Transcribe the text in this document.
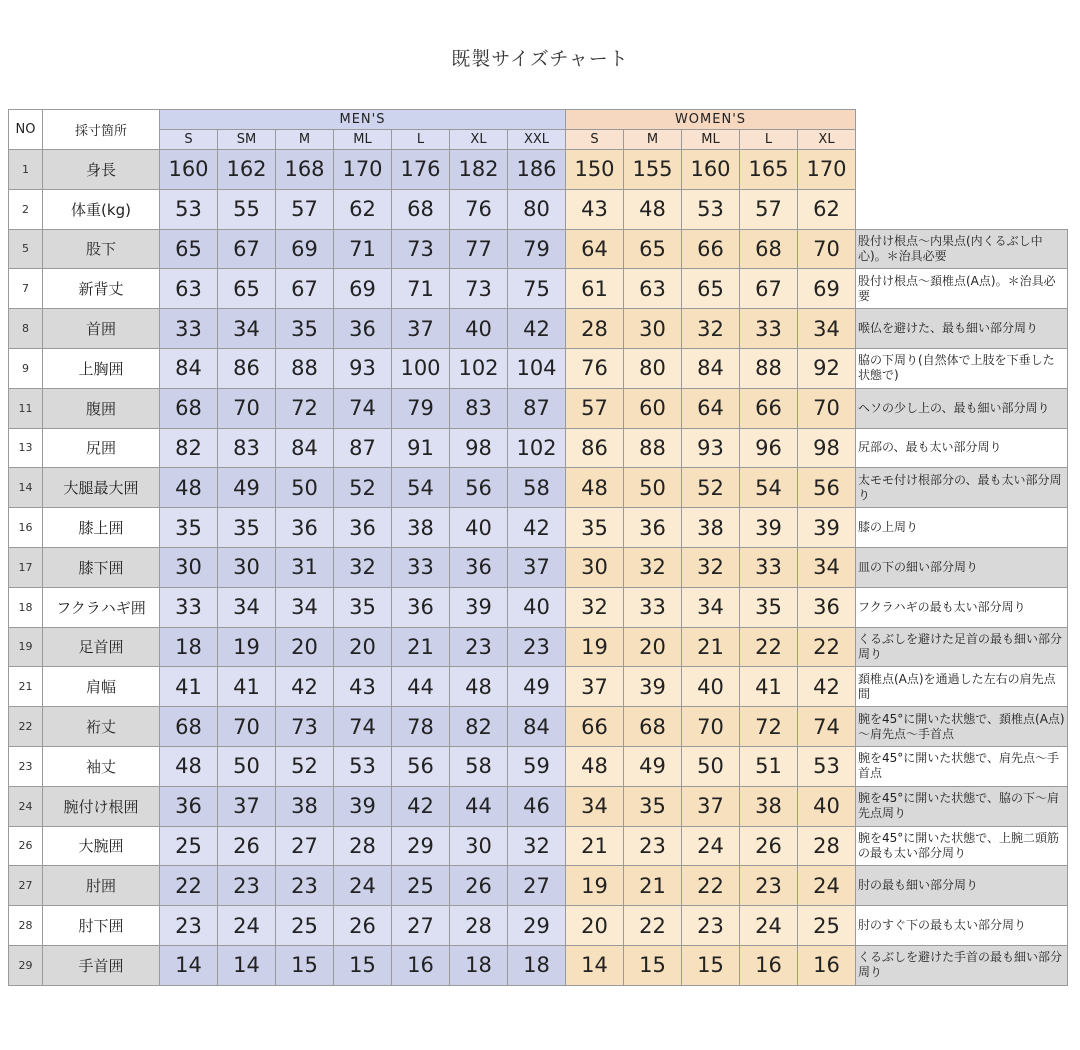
既製サイズチャート
NO	採寸箇所	MEN'S							WOMEN'S					
		S	SM	M	ML	L	XL	XXL	S	M	ML	L	XL	
1	身長	160	162	168	170	176	182	186	150	155	160	165	170	
2	体重(kg)	53	55	57	62	68	76	80	43	48	53	57	62	
5	股下	65	67	69	71	73	77	79	64	65	66	68	70	股付け根点～内果点(内くるぶし中心)。＊治具必要
7	新背丈	63	65	67	69	71	73	75	61	63	65	67	69	股付け根点～頚椎点(A点)。＊治具必要
8	首囲	33	34	35	36	37	40	42	28	30	32	33	34	喉仏を避けた、最も細い部分周り
9	上胸囲	84	86	88	93	100	102	104	76	80	84	88	92	脇の下周り(自然体で上肢を下垂した状態で)
11	腹囲	68	70	72	74	79	83	87	57	60	64	66	70	ヘソの少し上の、最も細い部分周り
13	尻囲	82	83	84	87	91	98	102	86	88	93	96	98	尻部の、最も太い部分周り
14	大腿最大囲	48	49	50	52	54	56	58	48	50	52	54	56	太モモ付け根部分の、最も太い部分周り
16	膝上囲	35	35	36	36	38	40	42	35	36	38	39	39	膝の上周り
17	膝下囲	30	30	31	32	33	36	37	30	32	32	33	34	皿の下の細い部分周り
18	フクラハギ囲	33	34	34	35	36	39	40	32	33	34	35	36	フクラハギの最も太い部分周り
19	足首囲	18	19	20	20	21	23	23	19	20	21	22	22	くるぶしを避けた足首の最も細い部分周り
21	肩幅	41	41	42	43	44	48	49	37	39	40	41	42	頚椎点(A点)を通過した左右の肩先点間
22	裄丈	68	70	73	74	78	82	84	66	68	70	72	74	腕を45°に開いた状態で、頚椎点(A点)～肩先点～手首点
23	袖丈	48	50	52	53	56	58	59	48	49	50	51	53	腕を45°に開いた状態で、肩先点～手首点
24	腕付け根囲	36	37	38	39	42	44	46	34	35	37	38	40	腕を45°に開いた状態で、脇の下～肩先点周り
26	大腕囲	25	26	27	28	29	30	32	21	23	24	26	28	腕を45°に開いた状態で、上腕二頭筋の最も太い部分周り
27	肘囲	22	23	23	24	25	26	27	19	21	22	23	24	肘の最も細い部分周り
28	肘下囲	23	24	25	26	27	28	29	20	22	23	24	25	肘のすぐ下の最も太い部分周り
29	手首囲	14	14	15	15	16	18	18	14	15	15	16	16	くるぶしを避けた手首の最も細い部分周り
